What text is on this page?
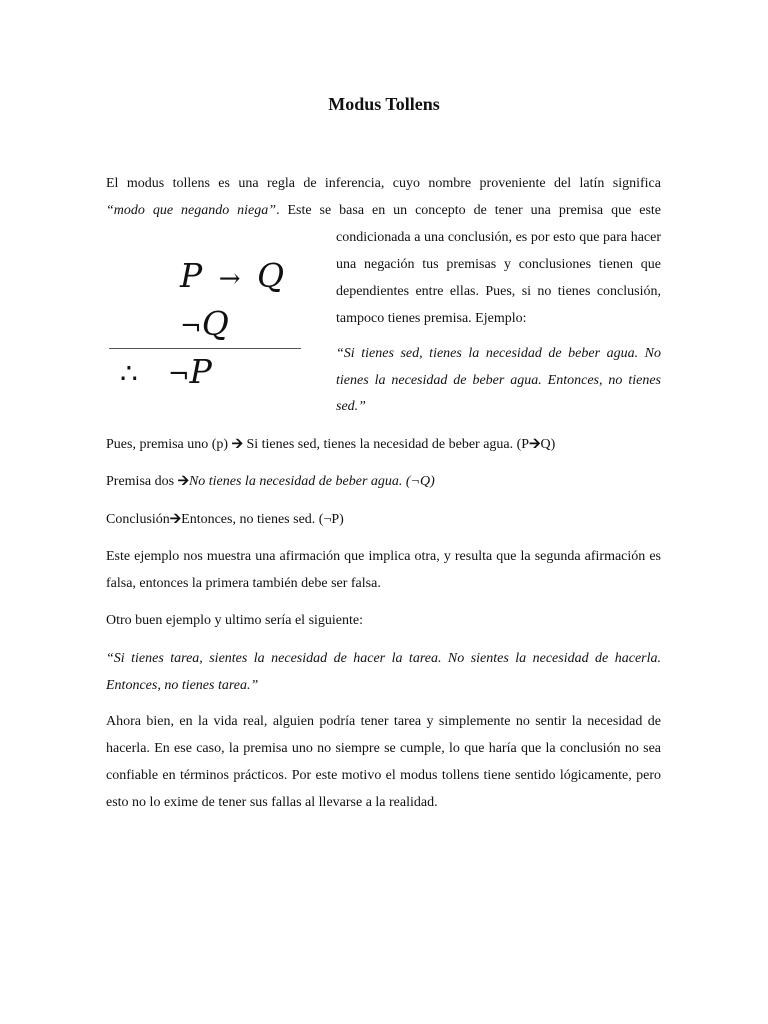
Modus Tollens

El modus tollens es una regla de inferencia, cuyo nombre proveniente del latín significa
“modo que negando niega”. Este se basa en un concepto de tener una premisa que este

P → Q
¬Q
∴ ¬P

condicionada a una conclusión, es por esto que para hacer una negación tus premisas y conclusiones tienen que dependientes entre ellas. Pues, si no tienes conclusión, tampoco tienes premisa. Ejemplo:

“Si tienes sed, tienes la necesidad de beber agua. No tienes la necesidad de beber agua. Entonces, no tienes sed.”

Pues, premisa uno (p) 🡪 Si tienes sed, tienes la necesidad de beber agua. (P🡪Q)

Premisa dos 🡪No tienes la necesidad de beber agua. (¬Q)

Conclusión🡪Entonces, no tienes sed. (¬P)

Este ejemplo nos muestra una afirmación que implica otra, y resulta que la segunda afirmación es falsa, entonces la primera también debe ser falsa.

Otro buen ejemplo y ultimo sería el siguiente:

“Si tienes tarea, sientes la necesidad de hacer la tarea. No sientes la necesidad de hacerla. Entonces, no tienes tarea.”

Ahora bien, en la vida real, alguien podría tener tarea y simplemente no sentir la necesidad de hacerla. En ese caso, la premisa uno no siempre se cumple, lo que haría que la conclusión no sea confiable en términos prácticos. Por este motivo el modus tollens tiene sentido lógicamente, pero esto no lo exime de tener sus fallas al llevarse a la realidad.
